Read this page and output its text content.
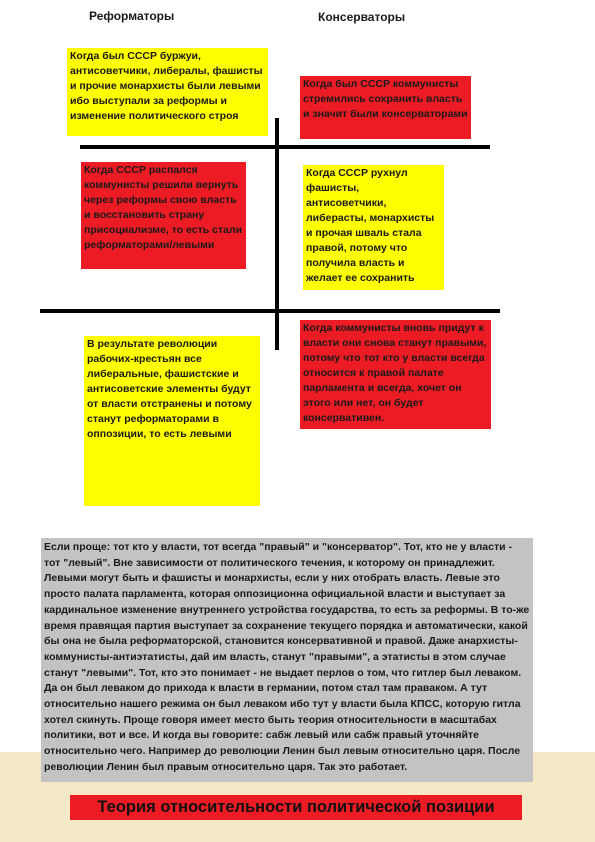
Реформаторы	Консерваторы
Когда был СССР буржуи, антисоветчики, либералы, фашисты и прочие монархисты были левыми ибо выступали за реформы и изменение политического строя
Когда был СССР коммунисты стремились сохранить власть и значит были консерваторами
Когда СССР распался коммунисты решили вернуть через реформы свою власть и восстановить страну присоциализме, то есть стали реформаторами/левыми
Когда СССР рухнул фашисты, антисоветчики, либерасты, монархисты и прочая шваль стала правой, потому что получила власть и желает ее сохранить
В результате революции рабочих-крестьян все либеральные, фашистские и антисоветские элементы будут от власти отстранены и потому станут реформаторами в оппозиции, то есть левыми
Когда коммунисты вновь придут к власти они снова станут правыми, потому что тот кто у власти всегда относится к правой палате парламента и всегда, хочет он этого или нет, он будет консервативен.
Если проще: тот кто у власти, тот всегда "правый" и "консерватор". Тот, кто не у власти - тот "левый". Вне зависимости от политического течения, к которому он принадлежит. Левыми могут быть и фашисты и монархисты, если у них отобрать власть. Левые это просто палата парламента, которая оппозиционна официальной власти и выступает за кардинальное изменение внутреннего устройства государства, то есть за реформы. В то-же время правящая партия выступает за сохранение текущего порядка и автоматически, какой бы она не была реформаторской, становится консервативной и правой. Даже анархисты-коммунисты-антиэтатисты, дай им власть, станут "правыми", а этатисты в этом случае станут "левыми". Тот, кто это понимает - не выдает перлов о том, что гитлер был леваком. Да он был леваком до прихода к власти в германии, потом стал там праваком. А тут относительно нашего режима он был леваком ибо тут у власти была КПСС, которую гитла хотел скинуть. Проще говоря имеет место быть теория относительности в масштабах политики, вот и все. И когда вы говорите: сабж левый или сабж правый уточняйте относительно чего. Например до революции Ленин был левым относительно царя. После революции Ленин был правым относительно царя. Так это работает.
Теория относительности политической позиции
